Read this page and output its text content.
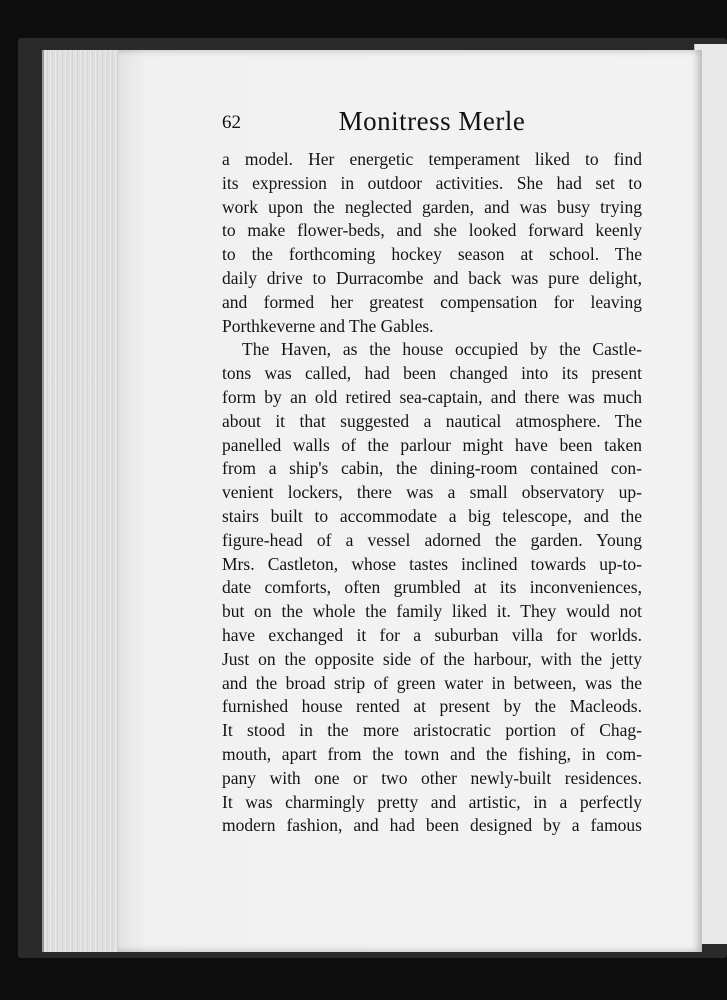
62	Monitress Merle
a model. Her energetic temperament liked to find
its expression in outdoor activities. She had set to
work upon the neglected garden, and was busy trying
to make flower-beds, and she looked forward keenly
to the forthcoming hockey season at school. The
daily drive to Durracombe and back was pure delight,
and formed her greatest compensation for leaving
Porthkeverne and The Gables.
The Haven, as the house occupied by the Castle-
tons was called, had been changed into its present
form by an old retired sea-captain, and there was much
about it that suggested a nautical atmosphere. The
panelled walls of the parlour might have been taken
from a ship's cabin, the dining-room contained con-
venient lockers, there was a small observatory up-
stairs built to accommodate a big telescope, and the
figure-head of a vessel adorned the garden. Young
Mrs. Castleton, whose tastes inclined towards up-to-
date comforts, often grumbled at its inconveniences,
but on the whole the family liked it. They would not
have exchanged it for a suburban villa for worlds.
Just on the opposite side of the harbour, with the jetty
and the broad strip of green water in between, was the
furnished house rented at present by the Macleods.
It stood in the more aristocratic portion of Chag-
mouth, apart from the town and the fishing, in com-
pany with one or two other newly-built residences.
It was charmingly pretty and artistic, in a perfectly
modern fashion, and had been designed by a famous
